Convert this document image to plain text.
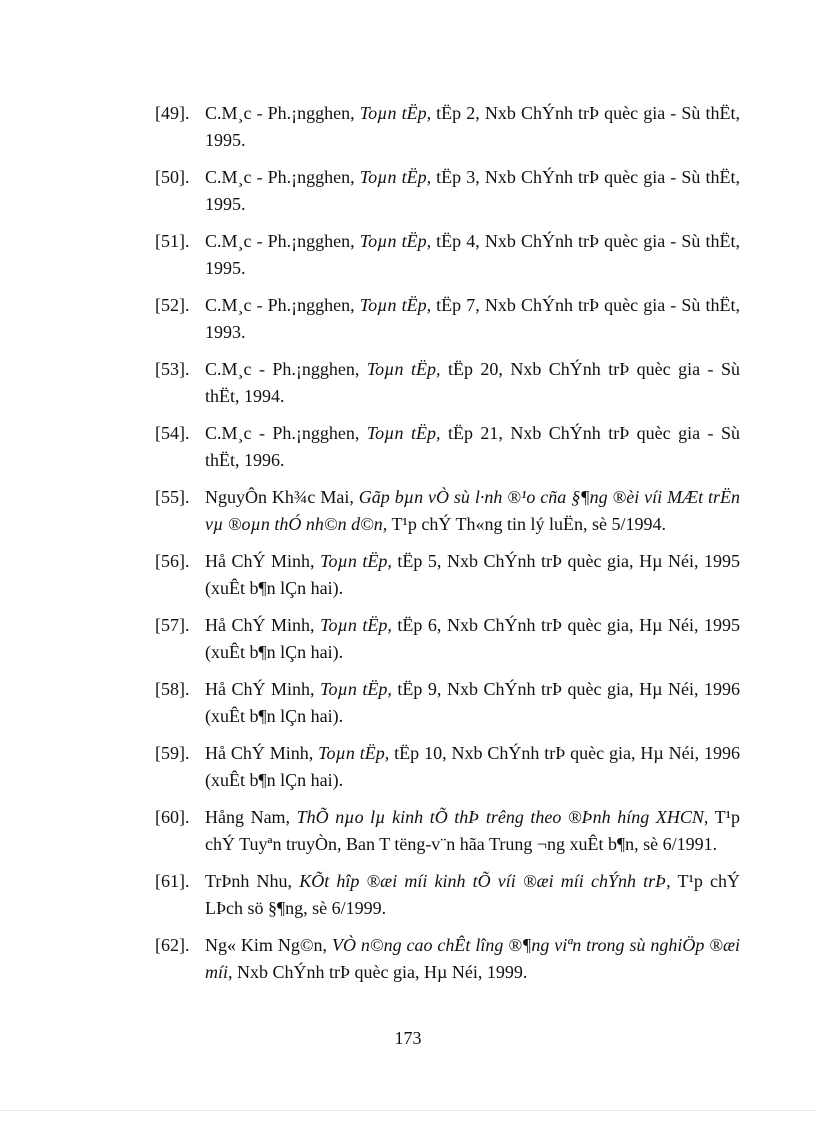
[49]. C.M¸c - Ph.¡ngghen, Toµn tËp, tËp 2, Nxb ChÝnh trÞ quèc gia - Sù thËt, 1995.
[50]. C.M¸c - Ph.¡ngghen, Toµn tËp, tËp 3, Nxb ChÝnh trÞ quèc gia - Sù thËt, 1995.
[51]. C.M¸c - Ph.¡ngghen, Toµn tËp, tËp 4, Nxb ChÝnh trÞ quèc gia - Sù thËt, 1995.
[52]. C.M¸c - Ph.¡ngghen, Toµn tËp, tËp 7, Nxb ChÝnh trÞ quèc gia - Sù thËt, 1993.
[53]. C.M¸c - Ph.¡ngghen, Toµn tËp, tËp 20, Nxb ChÝnh trÞ quèc gia - Sù thËt, 1994.
[54]. C.M¸c - Ph.¡ngghen, Toµn tËp, tËp 21, Nxb ChÝnh trÞ quèc gia - Sù thËt, 1996.
[55]. NguyÔn Kh¾c Mai, Gãp bµn vÒ sù l·nh ®¹o cña §¶ng ®èi víi MÆt trËn vµ ®oµn thÓ nh©n d©n, T¹p chÝ Th«ng tin lý luËn, sè 5/1994.
[56]. Hå ChÝ Minh, Toµn tËp, tËp 5, Nxb ChÝnh trÞ quèc gia, Hµ Néi, 1995 (xuÊt b¶n lÇn hai).
[57]. Hå ChÝ Minh, Toµn tËp, tËp 6, Nxb ChÝnh trÞ quèc gia, Hµ Néi, 1995 (xuÊt b¶n lÇn hai).
[58]. Hå ChÝ Minh, Toµn tËp, tËp 9, Nxb ChÝnh trÞ quèc gia, Hµ Néi, 1996 (xuÊt b¶n lÇn hai).
[59]. Hå ChÝ Minh, Toµn tËp, tËp 10, Nxb ChÝnh trÞ quèc gia, Hµ Néi, 1996 (xuÊt b¶n lÇn hai).
[60]. Hång Nam, ThÕ nµo lµ kinh tÕ thÞ trêng theo ®Þnh híng XHCN, T¹p chÝ Tuyªn truyÒn, Ban T tëng-v¨n hãa Trung ¬ng xuÊt b¶n, sè 6/1991.
[61]. TrÞnh Nhu, KÕt hîp ®æi míi kinh tÕ víi ®æi míi chÝnh trÞ, T¹p chÝ LÞch sö §¶ng, sè 6/1999.
[62]. Ng« Kim Ng©n, VÒ n©ng cao chÊt lîng ®¶ng viªn trong sù nghiÖp ®æi míi, Nxb ChÝnh trÞ quèc gia, Hµ Néi, 1999.
173
